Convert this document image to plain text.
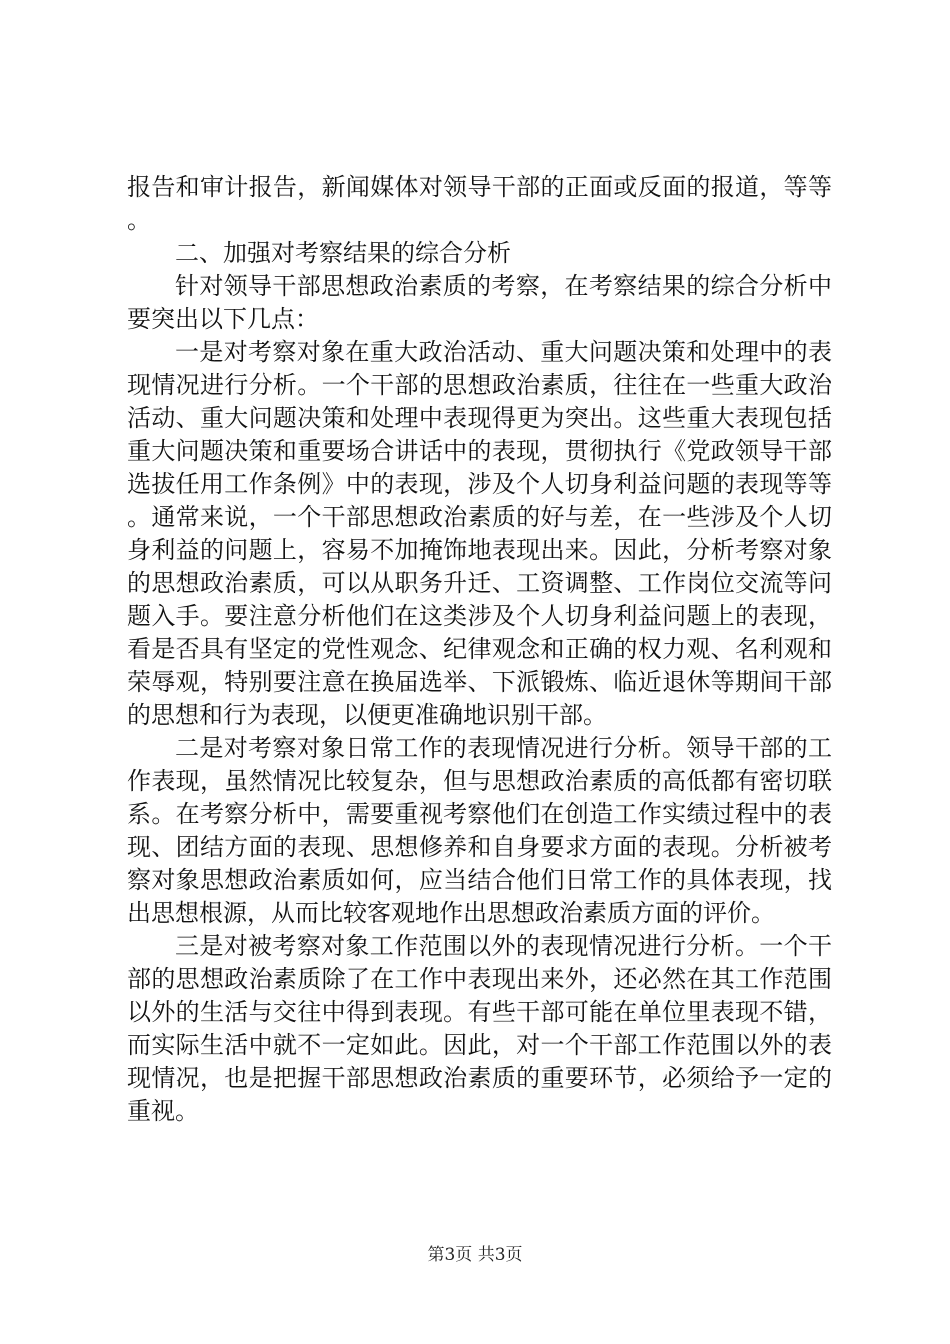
报告和审计报告，新闻媒体对领导干部的正面或反面的报道，等等。

二、加强对考察结果的综合分析

针对领导干部思想政治素质的考察，在考察结果的综合分析中要突出以下几点：

一是对考察对象在重大政治活动、重大问题决策和处理中的表现情况进行分析。一个干部的思想政治素质，往往在一些重大政治活动、重大问题决策和处理中表现得更为突出。这些重大表现包括重大问题决策和重要场合讲话中的表现，贯彻执行《党政领导干部选拔任用工作条例》中的表现，涉及个人切身利益问题的表现等等。通常来说，一个干部思想政治素质的好与差，在一些涉及个人切身利益的问题上，容易不加掩饰地表现出来。因此，分析考察对象的思想政治素质，可以从职务升迁、工资调整、工作岗位交流等问题入手。要注意分析他们在这类涉及个人切身利益问题上的表现，看是否具有坚定的党性观念、纪律观念和正确的权力观、名利观和荣辱观，特别要注意在换届选举、下派锻炼、临近退休等期间干部的思想和行为表现，以便更准确地识别干部。

二是对考察对象日常工作的表现情况进行分析。领导干部的工作表现，虽然情况比较复杂，但与思想政治素质的高低都有密切联系。在考察分析中，需要重视考察他们在创造工作实绩过程中的表现、团结方面的表现、思想修养和自身要求方面的表现。分析被考察对象思想政治素质如何，应当结合他们日常工作的具体表现，找出思想根源，从而比较客观地作出思想政治素质方面的评价。

三是对被考察对象工作范围以外的表现情况进行分析。一个干部的思想政治素质除了在工作中表现出来外，还必然在其工作范围以外的生活与交往中得到表现。有些干部可能在单位里表现不错，而实际生活中就不一定如此。因此，对一个干部工作范围以外的表现情况，也是把握干部思想政治素质的重要环节，必须给予一定的重视。

第3页 共3页
